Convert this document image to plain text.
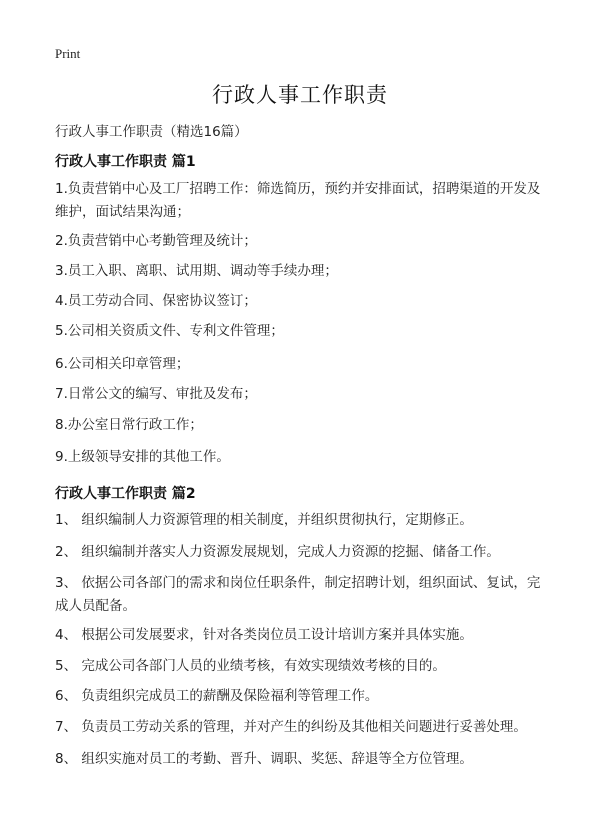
Print
行政人事工作职责
行政人事工作职责（精选16篇）
行政人事工作职责 篇1
1.负责营销中心及工厂招聘工作：筛选简历，预约并安排面试，招聘渠道的开发及维护，面试结果沟通；
2.负责营销中心考勤管理及统计；
3.员工入职、离职、试用期、调动等手续办理；
4.员工劳动合同、保密协议签订；
5.公司相关资质文件、专利文件管理；
6.公司相关印章管理；
7.日常公文的编写、审批及发布；
8.办公室日常行政工作；
9.上级领导安排的其他工作。
行政人事工作职责 篇2
1、 组织编制人力资源管理的相关制度，并组织贯彻执行，定期修正。
2、 组织编制并落实人力资源发展规划，完成人力资源的挖掘、储备工作。
3、 依据公司各部门的需求和岗位任职条件，制定招聘计划，组织面试、复试，完成人员配备。
4、 根据公司发展要求，针对各类岗位员工设计培训方案并具体实施。
5、 完成公司各部门人员的业绩考核，有效实现绩效考核的目的。
6、 负责组织完成员工的薪酬及保险福利等管理工作。
7、 负责员工劳动关系的管理，并对产生的纠纷及其他相关问题进行妥善处理。
8、 组织实施对员工的考勤、晋升、调职、奖惩、辞退等全方位管理。
